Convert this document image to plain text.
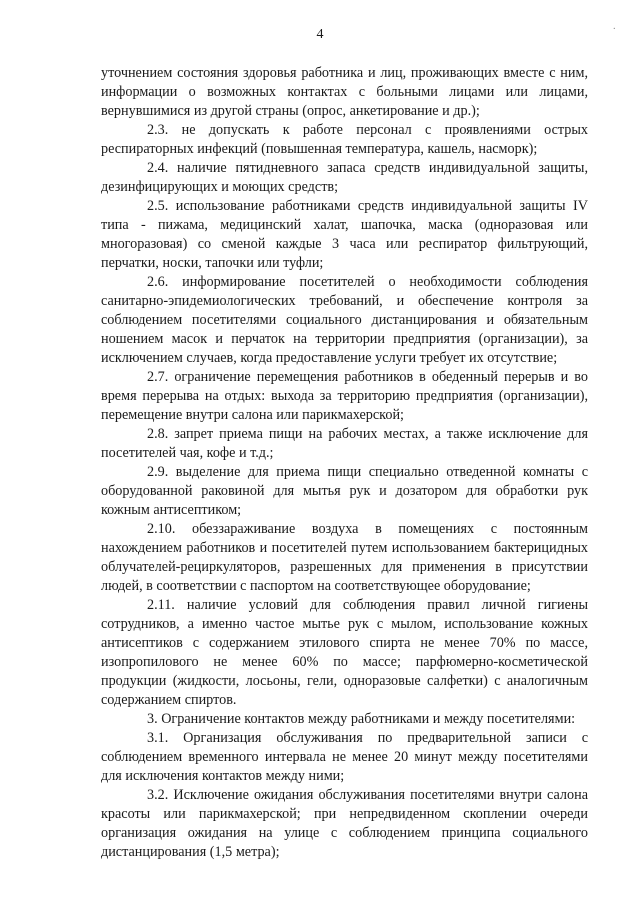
4	·

уточнением состояния здоровья работника и лиц, проживающих вместе с ним, информации о возможных контактах с больными лицами или лицами, вернувшимися из другой страны (опрос, анкетирование и др.);

2.3. не допускать к работе персонал с проявлениями острых респираторных инфекций (повышенная температура, кашель, насморк);

2.4. наличие пятидневного запаса средств индивидуальной защиты, дезинфицирующих и моющих средств;

2.5. использование работниками средств индивидуальной защиты IV типа - пижама, медицинский халат, шапочка, маска (одноразовая или многоразовая) со сменой каждые 3 часа или респиратор фильтрующий, перчатки, носки, тапочки или туфли;

2.6. информирование посетителей о необходимости соблюдения санитарно-эпидемиологических требований, и обеспечение контроля за соблюдением посетителями социального дистанцирования и обязательным ношением масок и перчаток на территории предприятия (организации), за исключением случаев, когда предоставление услуги требует их отсутствие;

2.7. ограничение перемещения работников в обеденный перерыв и во время перерыва на отдых: выхода за территорию предприятия (организации), перемещение внутри салона или парикмахерской;

2.8. запрет приема пищи на рабочих местах, а также исключение для посетителей чая, кофе и т.д.;

2.9. выделение для приема пищи специально отведенной комнаты с оборудованной раковиной для мытья рук и дозатором для обработки рук кожным антисептиком;

2.10. обеззараживание воздуха в помещениях с постоянным нахождением работников и посетителей путем использованием бактерицидных облучателей-рециркуляторов, разрешенных для применения в присутствии людей, в соответствии с паспортом на соответствующее оборудование;

2.11. наличие условий для соблюдения правил личной гигиены сотрудников, а именно частое мытье рук с мылом, использование кожных антисептиков с содержанием этилового спирта не менее 70% по массе, изопропилового не менее 60% по массе; парфюмерно-косметической продукции (жидкости, лосьоны, гели, одноразовые салфетки) с аналогичным содержанием спиртов.

3. Ограничение контактов между работниками и между посетителями:

3.1. Организация обслуживания по предварительной записи с соблюдением временного интервала не менее 20 минут между посетителями для исключения контактов между ними;

3.2. Исключение ожидания обслуживания посетителями внутри салона красоты или парикмахерской; при непредвиденном скоплении очереди организация ожидания на улице с соблюдением принципа социального дистанцирования (1,5 метра);
